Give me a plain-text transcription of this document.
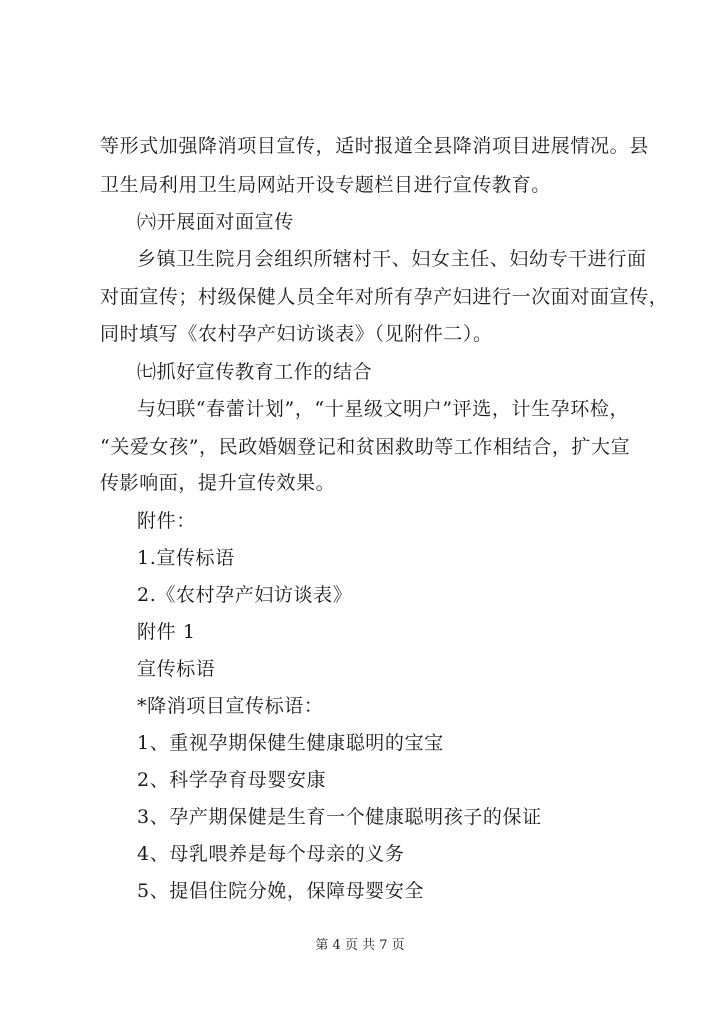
等形式加强降消项目宣传，适时报道全县降消项目进展情况。县
卫生局利用卫生局网站开设专题栏目进行宣传教育。
㈥开展面对面宣传
乡镇卫生院月会组织所辖村干、妇女主任、妇幼专干进行面
对面宣传；村级保健人员全年对所有孕产妇进行一次面对面宣传，
同时填写《农村孕产妇访谈表》（见附件二）。
㈦抓好宣传教育工作的结合
与妇联“春蕾计划”，“十星级文明户”评选，计生孕环检，
“关爱女孩”，民政婚姻登记和贫困救助等工作相结合，扩大宣
传影响面，提升宣传效果。
附件：
1.宣传标语
2.《农村孕产妇访谈表》
附件 1
宣传标语
*降消项目宣传标语：
1、重视孕期保健生健康聪明的宝宝
2、科学孕育母婴安康
3、孕产期保健是生育一个健康聪明孩子的保证
4、母乳喂养是每个母亲的义务
5、提倡住院分娩，保障母婴安全
第 4 页 共 7 页
